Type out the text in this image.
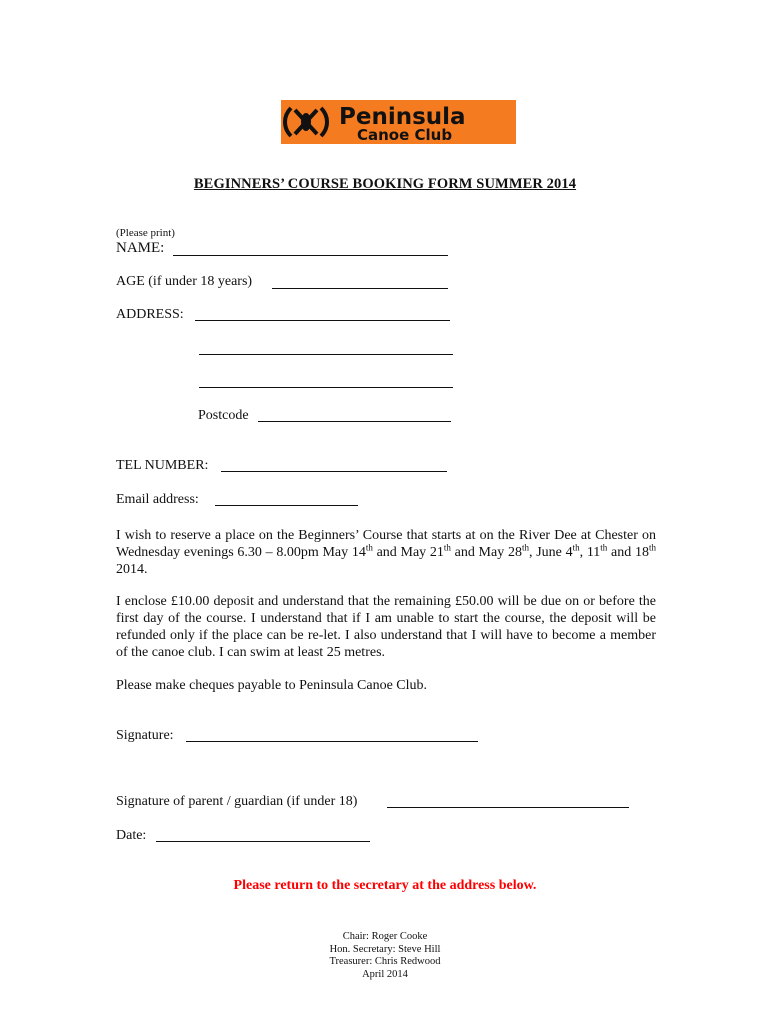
Peninsula
Canoe Club
BEGINNERS’ COURSE BOOKING FORM SUMMER 2014
(Please print)
NAME:
AGE (if under 18 years)
ADDRESS:
Postcode
TEL NUMBER:
Email address:
I wish to reserve a place on the Beginners’ Course that starts at on the River Dee at Chester on Wednesday evenings 6.30 – 8.00pm May 14th and May 21th and May 28th, June 4th, 11th and 18th 2014.
I enclose £10.00 deposit and understand that the remaining £50.00 will be due on or before the first day of the course. I understand that if I am unable to start the course, the deposit will be refunded only if the place can be re-let. I also understand that I will have to become a member of the canoe club. I can swim at least 25 metres.
Please make cheques payable to Peninsula Canoe Club.
Signature:
Signature of parent / guardian (if under 18)
Date:
Please return to the secretary at the address below.
Chair: Roger Cooke
Hon. Secretary: Steve Hill
Treasurer: Chris Redwood
April 2014
